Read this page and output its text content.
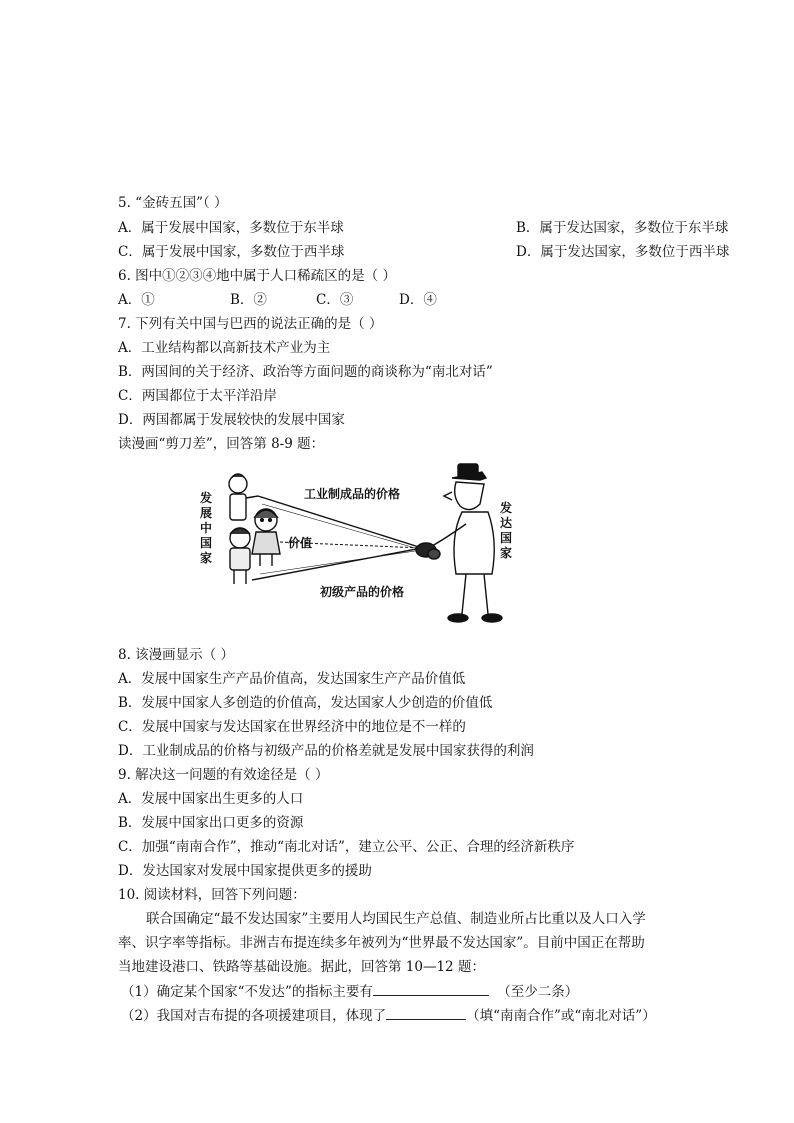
5. “金砖五国”（ ）
A．属于发展中国家，多数位于东半球	B．属于发达国家，多数位于东半球
C．属于发展中国家，多数位于西半球	D．属于发达国家，多数位于西半球
6. 图中①②③④地中属于人口稀疏区的是（ ）
A．①	B．②	C．③	D．④
7. 下列有关中国与巴西的说法正确的是（ ）
A．工业结构都以高新技术产业为主
B．两国间的关于经济、政治等方面问题的商谈称为“南北对话”
C．两国都位于太平洋沿岸
D．两国都属于发展较快的发展中国家
读漫画“剪刀差”，回答第 8-9 题：
发
展
中
国
家
发
达
国
家
工业制成品的价格
价值
初级产品的价格
8. 该漫画显示（ ）
A．发展中国家生产产品价值高，发达国家生产产品价值低
B．发展中国家人多创造的价值高，发达国家人少创造的价值低
C．发展中国家与发达国家在世界经济中的地位是不一样的
D．工业制成品的价格与初级产品的价格差就是发展中国家获得的利润
9. 解决这一问题的有效途径是（ ）
A．发展中国家出生更多的人口
B．发展中国家出口更多的资源
C．加强“南南合作”，推动“南北对话”，建立公平、公正、合理的经济新秩序
D．发达国家对发展中国家提供更多的援助
10. 阅读材料，回答下列问题：
联合国确定“最不发达国家”主要用人均国民生产总值、制造业所占比重以及人口入学
率、识字率等指标。非洲吉布提连续多年被列为“世界最不发达国家”。目前中国正在帮助
当地建设港口、铁路等基础设施。据此，回答第 10—12 题：
（1）确定某个国家“不发达”的指标主要有	（至少二条）
（2）我国对吉布提的各项援建项目，体现了	（填“南南合作”或“南北对话”）
